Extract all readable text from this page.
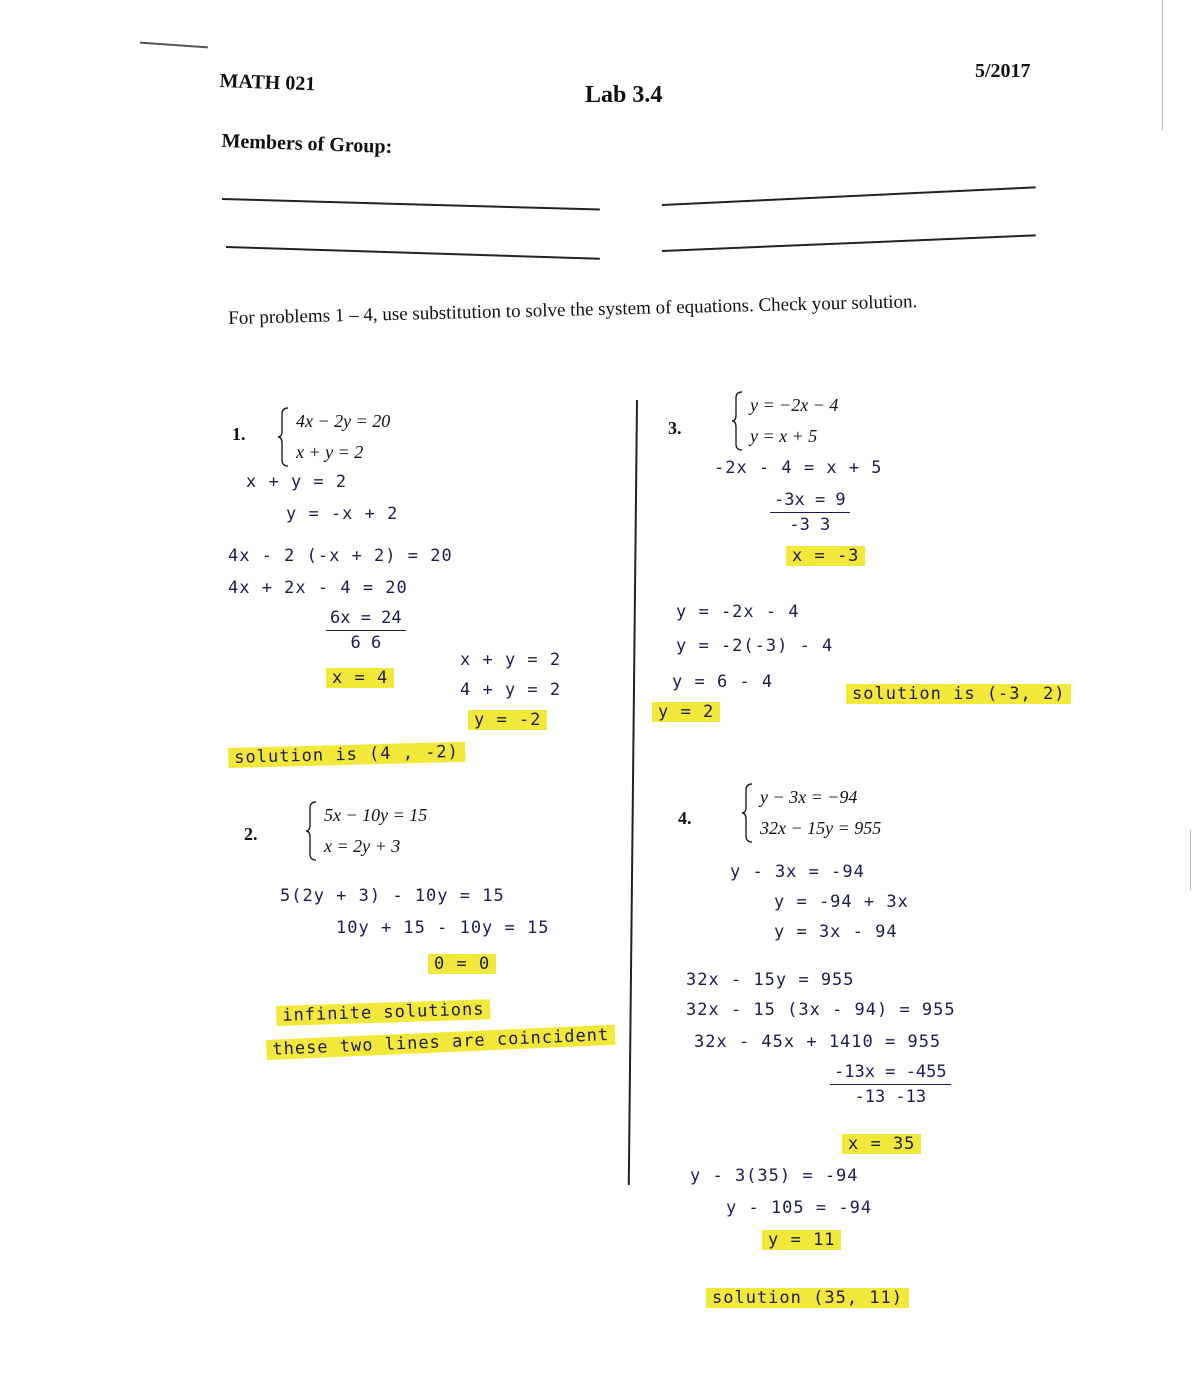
MATH 021	Lab 3.4
5/2017
Members of Group:
For problems 1 – 4, use substitution to solve the system of equations. Check your solution.
1.
4x − 2y = 20
x + y = 2
x + y = 2
y = -x + 2
4x - 2 (-x + 2) = 20
4x + 2x - 4 = 20
$\frac{6x = 24}{6 6}$
x = 4
x + y = 2
4 + y = 2
y = -2
solution is (4 , -2)
2.
5x − 10y = 15
x = 2y + 3
5(2y + 3) - 10y = 15
10y + 15 - 10y = 15
0 = 0
infinite solutions
these two lines are coincident
3.
y = −2x − 4
y = x + 5
-2x - 4 = x + 5
$\frac{-3x = 9}{-3 3}$
x = -3
y = -2x - 4
y = -2(-3) - 4
y = 6 - 4
y = 2
solution is (-3, 2)
4.
y − 3x = −94
32x − 15y = 955
y - 3x = -94
y = -94 + 3x
y = 3x - 94
32x - 15y = 955
32x - 15 (3x - 94) = 955
32x - 45x + 1410 = 955
$\frac{-13x = -455}{-13 -13}$
x = 35
y - 3(35) = -94
y - 105 = -94
y = 11
solution (35, 11)
